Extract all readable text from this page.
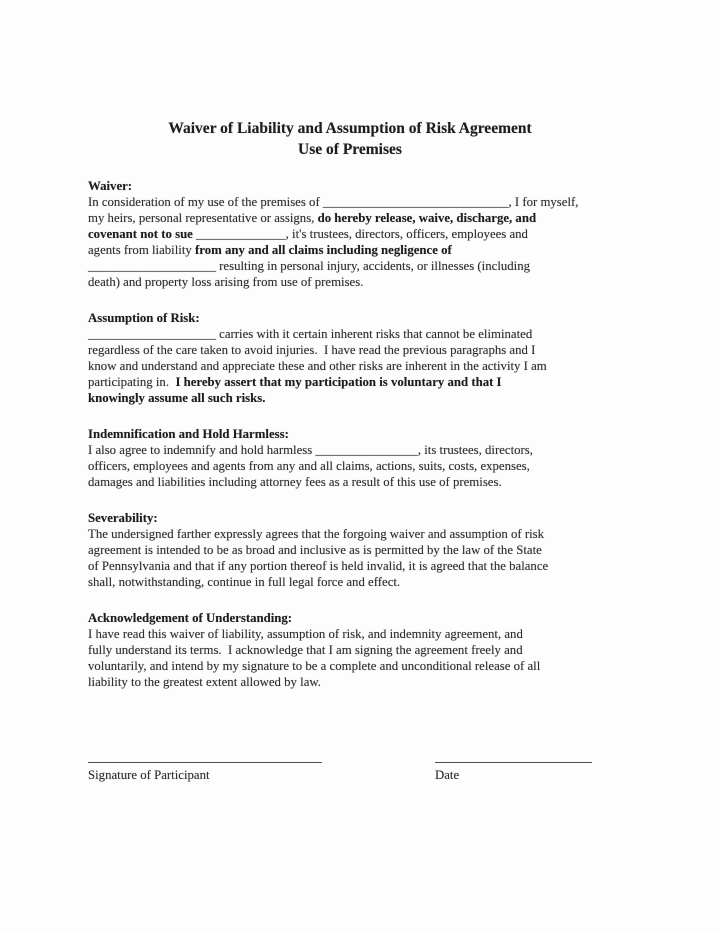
Waiver of Liability and Assumption of Risk Agreement
Use of Premises
Waiver:
In consideration of my use of the premises of _____________________________, I for myself,
my heirs, personal representative or assigns, do hereby release, waive, discharge, and
covenant not to sue ______________, it's trustees, directors, officers, employees and
agents from liability from any and all claims including negligence of
____________________ resulting in personal injury, accidents, or illnesses (including
death) and property loss arising from use of premises.
Assumption of Risk:
____________________ carries with it certain inherent risks that cannot be eliminated
regardless of the care taken to avoid injuries.  I have read the previous paragraphs and I
know and understand and appreciate these and other risks are inherent in the activity I am
participating in.  I hereby assert that my participation is voluntary and that I
knowingly assume all such risks.
Indemnification and Hold Harmless:
I also agree to indemnify and hold harmless ________________, its trustees, directors,
officers, employees and agents from any and all claims, actions, suits, costs, expenses,
damages and liabilities including attorney fees as a result of this use of premises.
Severability:
The undersigned farther expressly agrees that the forgoing waiver and assumption of risk
agreement is intended to be as broad and inclusive as is permitted by the law of the State
of Pennsylvania and that if any portion thereof is held invalid, it is agreed that the balance
shall, notwithstanding, continue in full legal force and effect.
Acknowledgement of Understanding:
I have read this waiver of liability, assumption of risk, and indemnity agreement, and
fully understand its terms.  I acknowledge that I am signing the agreement freely and
voluntarily, and intend by my signature to be a complete and unconditional release of all
liability to the greatest extent allowed by law.
Signature of Participant	Date
